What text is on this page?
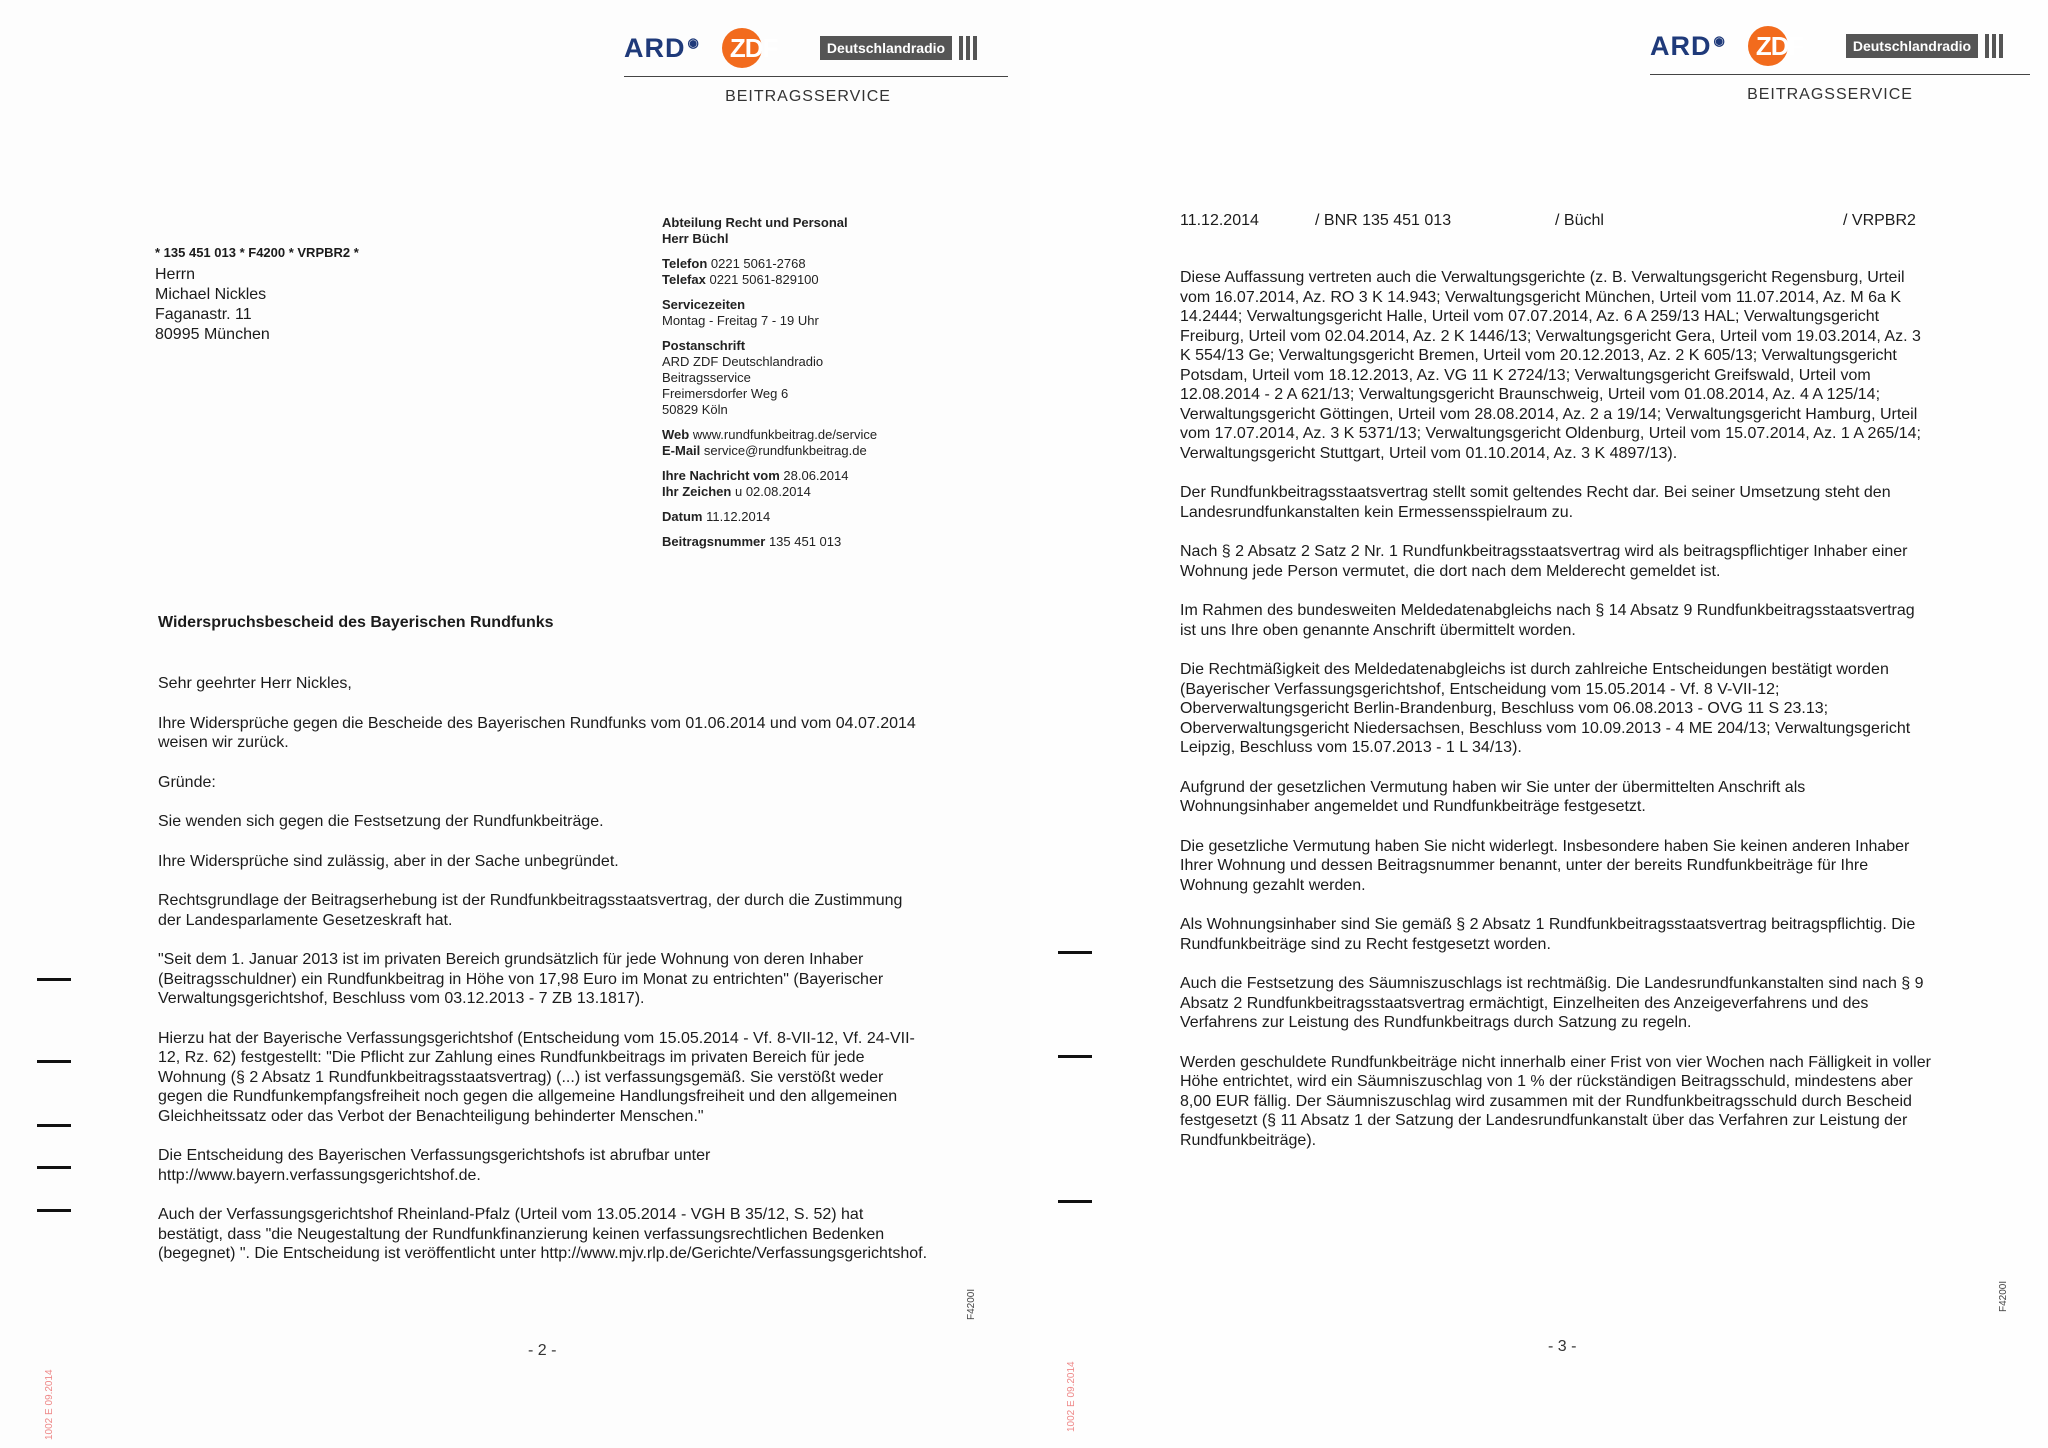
ARD ◉ ZDF	Deutschlandradio
BEITRAGSSERVICE
* 135 451 013 * F4200 * VRPBR2 *
Herrn
Michael Nickles
Faganastr. 11
80995 München
Abteilung Recht und Personal
Herr Büchl
Telefon 0221 5061-2768
Telefax 0221 5061-829100
Servicezeiten
Montag - Freitag 7 - 19 Uhr
Postanschrift
ARD ZDF Deutschlandradio
Beitragsservice
Freimersdorfer Weg 6
50829 Köln
Web www.rundfunkbeitrag.de/service
E-Mail service@rundfunkbeitrag.de
Ihre Nachricht vom 28.06.2014
Ihr Zeichen u 02.08.2014
Datum 11.12.2014
Beitragsnummer 135 451 013
Widerspruchsbescheid des Bayerischen Rundfunks

Sehr geehrter Herr Nickles,

Ihre Widersprüche gegen die Bescheide des Bayerischen Rundfunks vom 01.06.2014 und vom 04.07.2014 weisen wir zurück.

Gründe:

Sie wenden sich gegen die Festsetzung der Rundfunkbeiträge.

Ihre Widersprüche sind zulässig, aber in der Sache unbegründet.

Rechtsgrundlage der Beitragserhebung ist der Rundfunkbeitragsstaatsvertrag, der durch die Zustimmung der Landesparlamente Gesetzeskraft hat.

"Seit dem 1. Januar 2013 ist im privaten Bereich grundsätzlich für jede Wohnung von deren Inhaber (Beitragsschuldner) ein Rundfunkbeitrag in Höhe von 17,98 Euro im Monat zu entrichten" (Bayerischer Verwaltungsgerichtshof, Beschluss vom 03.12.2013 - 7 ZB 13.1817).

Hierzu hat der Bayerische Verfassungsgerichtshof (Entscheidung vom 15.05.2014 - Vf. 8-VII-12, Vf. 24-VII-12, Rz. 62) festgestellt: "Die Pflicht zur Zahlung eines Rundfunkbeitrags im privaten Bereich für jede Wohnung (§ 2 Absatz 1 Rundfunkbeitragsstaatsvertrag) (...) ist verfassungsgemäß. Sie verstößt weder gegen die Rundfunkempfangsfreiheit noch gegen die allgemeine Handlungsfreiheit und den allgemeinen Gleichheitssatz oder das Verbot der Benachteiligung behinderter Menschen."

Die Entscheidung des Bayerischen Verfassungsgerichtshofs ist abrufbar unter http://www.bayern.verfassungsgerichtshof.de.

Auch der Verfassungsgerichtshof Rheinland-Pfalz (Urteil vom 13.05.2014 - VGH B 35/12, S. 52) hat bestätigt, dass "die Neugestaltung der Rundfunkfinanzierung keinen verfassungsrechtlichen Bedenken (begegnet) ". Die Entscheidung ist veröffentlicht unter http://www.mjv.rlp.de/Gerichte/Verfassungsgerichtshof.

F4200I
- 2 -
1002 E 09.2014
ARD ◉ ZDF	Deutschlandradio
BEITRAGSSERVICE
11.12.2014	/ BNR 135 451 013	/ Büchl	/ VRPBR2

Diese Auffassung vertreten auch die Verwaltungsgerichte (z. B. Verwaltungsgericht Regensburg, Urteil vom 16.07.2014, Az. RO 3 K 14.943; Verwaltungsgericht München, Urteil vom 11.07.2014, Az. M 6a K 14.2444; Verwaltungsgericht Halle, Urteil vom 07.07.2014, Az. 6 A 259/13 HAL; Verwaltungsgericht Freiburg, Urteil vom 02.04.2014, Az. 2 K 1446/13; Verwaltungsgericht Gera, Urteil vom 19.03.2014, Az. 3 K 554/13 Ge; Verwaltungsgericht Bremen, Urteil vom 20.12.2013, Az. 2 K 605/13; Verwaltungsgericht Potsdam, Urteil vom 18.12.2013, Az. VG 11 K 2724/13; Verwaltungsgericht Greifswald, Urteil vom 12.08.2014 - 2 A 621/13; Verwaltungsgericht Braunschweig, Urteil vom 01.08.2014, Az. 4 A 125/14; Verwaltungsgericht Göttingen, Urteil vom 28.08.2014, Az. 2 a 19/14; Verwaltungsgericht Hamburg, Urteil vom 17.07.2014, Az. 3 K 5371/13; Verwaltungsgericht Oldenburg, Urteil vom 15.07.2014, Az. 1 A 265/14; Verwaltungsgericht Stuttgart, Urteil vom 01.10.2014, Az. 3 K 4897/13).

Der Rundfunkbeitragsstaatsvertrag stellt somit geltendes Recht dar. Bei seiner Umsetzung steht den Landesrundfunkanstalten kein Ermessensspielraum zu.

Nach § 2 Absatz 2 Satz 2 Nr. 1 Rundfunkbeitragsstaatsvertrag wird als beitragspflichtiger Inhaber einer Wohnung jede Person vermutet, die dort nach dem Melderecht gemeldet ist.

Im Rahmen des bundesweiten Meldedatenabgleichs nach § 14 Absatz 9 Rundfunkbeitragsstaatsvertrag ist uns Ihre oben genannte Anschrift übermittelt worden.

Die Rechtmäßigkeit des Meldedatenabgleichs ist durch zahlreiche Entscheidungen bestätigt worden (Bayerischer Verfassungsgerichtshof, Entscheidung vom 15.05.2014 - Vf. 8 V-VII-12; Oberverwaltungsgericht Berlin-Brandenburg, Beschluss vom 06.08.2013 - OVG 11 S 23.13; Oberverwaltungsgericht Niedersachsen, Beschluss vom 10.09.2013 - 4 ME 204/13; Verwaltungsgericht Leipzig, Beschluss vom 15.07.2013 - 1 L 34/13).

Aufgrund der gesetzlichen Vermutung haben wir Sie unter der übermittelten Anschrift als Wohnungsinhaber angemeldet und Rundfunkbeiträge festgesetzt.

Die gesetzliche Vermutung haben Sie nicht widerlegt. Insbesondere haben Sie keinen anderen Inhaber Ihrer Wohnung und dessen Beitragsnummer benannt, unter der bereits Rundfunkbeiträge für Ihre Wohnung gezahlt werden.

Als Wohnungsinhaber sind Sie gemäß § 2 Absatz 1 Rundfunkbeitragsstaatsvertrag beitragspflichtig. Die Rundfunkbeiträge sind zu Recht festgesetzt worden.

Auch die Festsetzung des Säumniszuschlags ist rechtmäßig. Die Landesrundfunkanstalten sind nach § 9 Absatz 2 Rundfunkbeitragsstaatsvertrag ermächtigt, Einzelheiten des Anzeigeverfahrens und des Verfahrens zur Leistung des Rundfunkbeitrags durch Satzung zu regeln.

Werden geschuldete Rundfunkbeiträge nicht innerhalb einer Frist von vier Wochen nach Fälligkeit in voller Höhe entrichtet, wird ein Säumniszuschlag von 1 % der rückständigen Beitragsschuld, mindestens aber 8,00 EUR fällig. Der Säumniszuschlag wird zusammen mit der Rundfunkbeitragsschuld durch Bescheid festgesetzt (§ 11 Absatz 1 der Satzung der Landesrundfunkanstalt über das Verfahren zur Leistung der Rundfunkbeiträge).

F4200I
- 3 -
1002 E 09.2014
